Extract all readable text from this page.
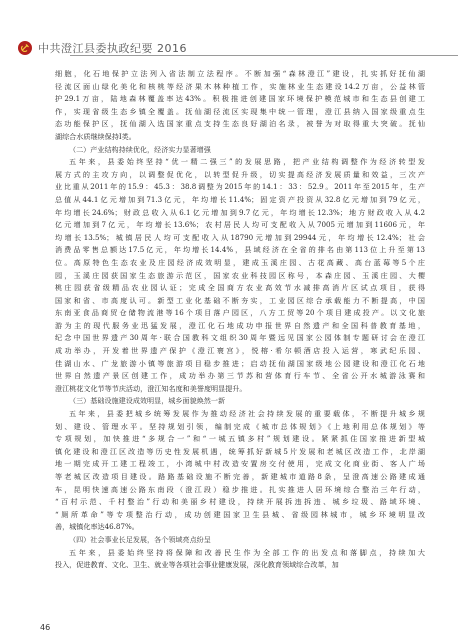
中共澄江县委执政纪要 2016
细胞，化石地保护立法列入省法制立法程序。不断加强“森林澄江”建设，扎实抓好抚仙湖
径流区面山绿化美化和核桃等经济果木林种植工作，实施林业生态建设14.2万亩，公益林管
护29.1万亩，陆地森林覆盖率达43%。积极推进创建国家环境保护模范城市和生态县创建工
作，实现省级生态乡镇全覆盖。抚仙湖径流区实现集中统一管理，澄江县纳入国家级重点生
态功能保护区，抚仙湖入选国家重点支持生态良好湖泊名录，被誉为对取得重大突破。抚仙
湖综合水质继续保持I类。
（二）产业结构持续优化，经济实力显著增强
五年来，县委始终坚持“优一精二强三”的发展思路，把产业结构调整作为经济转型发
展方式的主攻方向，以调整促优化，以转型促升级，切实提高经济发展质量和效益，三次产
业比重从2011年的15.9：45.3：38.8调整为2015年的14.1：33：52.9。2011年至2015年，生产
总值从44.1亿元增加到71.3亿元，年均增长11.4%；固定资产投资从32.8亿元增加到79亿元，
年均增长24.6%；财政总收入从6.1亿元增加到9.7亿元，年均增长12.3%；地方财政收入从4.2
亿元增加到7亿元，年均增长13.6%；农村居民人均可支配收入从7005元增加到11606元，年
均增长13.5%；城镇居民人均可支配收入从18790元增加到29944元，年均增长12.4%；社会
消费品零售总额达17.5亿元，年均增长14.4%，县域经济在全省的排名由第113位上升至第13
位。高原特色生态农业及庄园经济成效明显，建成玉溪庄园、古花高藏、高台蓝莓等5个庄
园，玉溪庄园获国家生态旅游示范区，国家农业科技园区称号，本森庄园、玉溪庄园、大樱
桃庄园获省级精品农业园认证；完成全国商方农业高效节水减排高消片区试点项目，获得
国家和省、市高度认可。新型工业化基础不断夯实，工业园区综合承载能力不断提高，中国
东南亚食品商贸仓储物流港等16个项目落户园区，八方工贸等20个项目建成投产。以文化旅
游为主的现代服务业迅猛发展，澄江化石地成功申报世界自然遗产和全国科普教育基地，
纪念中国世界遗产30周年·联合国教科文组织30周年暨远见国家公园体制专题研讨会在澄江
成功举办，开发着世界遗产保护《澄江寰宫》，悦榕·希尔顿酒店投入运营，寒武纪乐园、
佳湖山水、广龙旅游小镇等旅游项目稳步推进；启动抚仙湖国家级地公园建设和澄江化石地
世界自然遗产景区创建工作，成功举办第三节苏和营体育行车节、全省公开水城游泳赛和
澄江桃花文化节等节庆活动，澄江知名度和美誉度明显提升。
（三）基础设施建设成效明显，城乡面貌焕然一新
五年来，县委把城乡统筹发展作为推动经济社会持续发展的重要载体，不断提升城乡规
划、建设、管理水平。坚持规划引领，编制完成《城市总体规划》《上地利用总体规划》等
专项规划，加快推进“多规合一”和“一城五镇多村”规划建设。紧紧抓住国家推进新型城
镇化建设和澄江区改造等历史性发展机遇，统筹抓好新城5片发展和老城区改造工作，北岸湖
地一期完成开工建工程竣工，小湾城中村改造安置房交付使用，完成文化商业街、客人广场
等老城区改造项目建设。路路基础设施不断完善，新建城市道路8条，呈澄高速公路建成通
车，昆明快速高速公路东南段（澄江段）稳步推进。扎实推进人居环境综合整治三年行动，
“百村示范、千村整治”行动和美丽乡村建设，持续开展拆违拆违、城乡垃圾、路域环境、
“厕所革命”等专项整治行动，成功创建国家卫生县城、省级园林城市，城乡环境明显改
善，城镇化率达46.87%。
（四）社会事业长足发展，各个领域亮点纷呈
五年来，县委始终坚持将保障和改善民生作为全部工作的出发点和落脚点，持续加大
投入，促进教育、文化、卫生、就业等各项社会事业健康发展，深化教育领域综合改革，加
46
